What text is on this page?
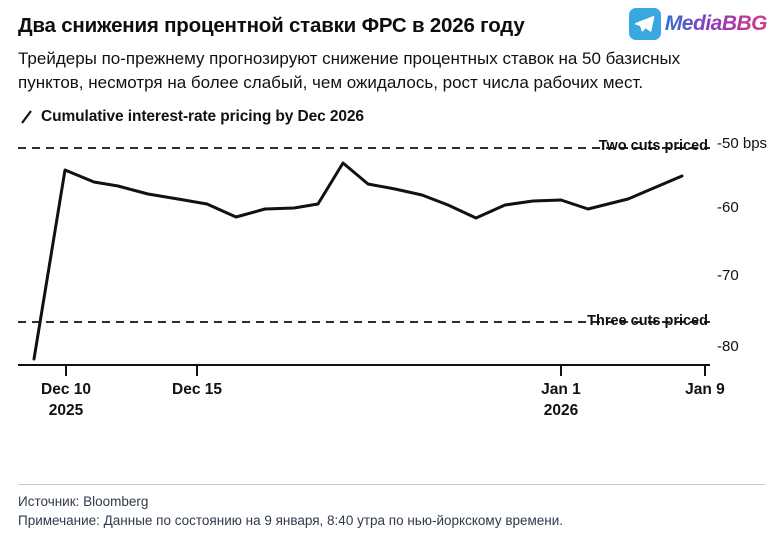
MediaBBG
Два снижения процентной ставки ФРС в 2026 году

Трейдеры по-прежнему прогнозируют снижение процентных ставок на 50 базисных пунктов, несмотря на более слабый, чем ожидалось, рост числа рабочих мест.

Cumulative interest-rate pricing by Dec 2026
Two cuts priced
Three cuts priced
-50 bps
-60
-70
-80
Dec 10
2025
Dec 15	Jan 1
2026
Jan 9
Источник: Bloomberg
Примечание: Данные по состоянию на 9 января, 8:40 утра по нью-йоркскому времени.
